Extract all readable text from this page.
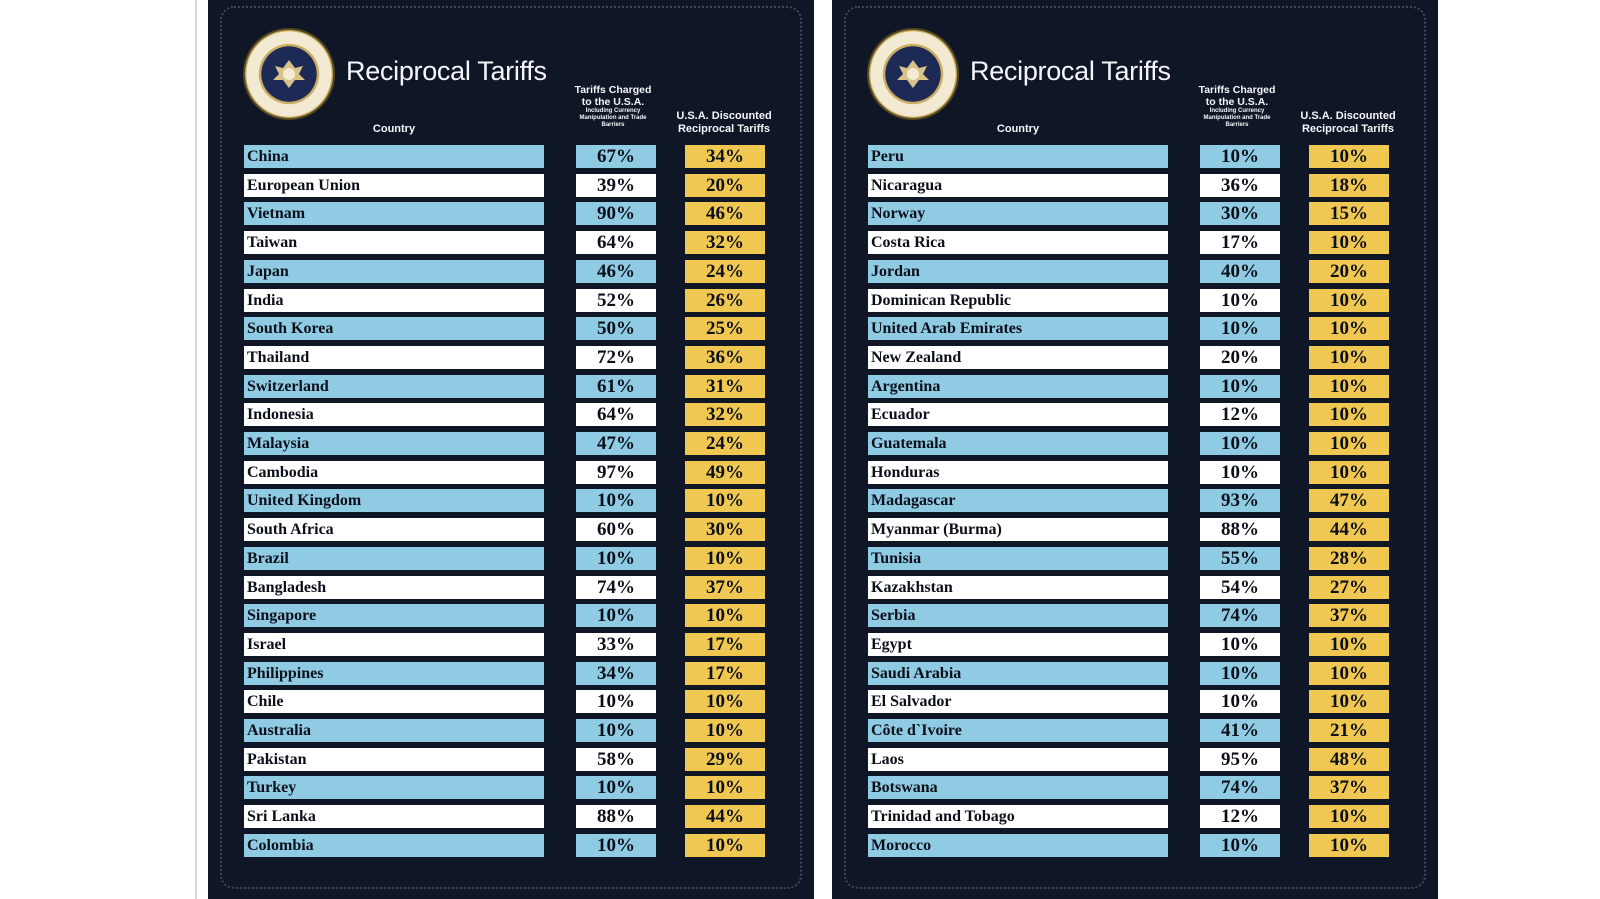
Reciprocal Tariffs
Country
Tariffs Charged to the U.S.A.
Including Currency Manipulation and Trade Barriers
U.S.A. Discounted Reciprocal Tariffs
China	67%	34%
European Union	39%	20%
Vietnam	90%	46%
Taiwan	64%	32%
Japan	46%	24%
India	52%	26%
South Korea	50%	25%
Thailand	72%	36%
Switzerland	61%	31%
Indonesia	64%	32%
Malaysia	47%	24%
Cambodia	97%	49%
United Kingdom	10%	10%
South Africa	60%	30%
Brazil	10%	10%
Bangladesh	74%	37%
Singapore	10%	10%
Israel	33%	17%
Philippines	34%	17%
Chile	10%	10%
Australia	10%	10%
Pakistan	58%	29%
Turkey	10%	10%
Sri Lanka	88%	44%
Colombia	10%	10%
Reciprocal Tariffs
Country
Tariffs Charged to the U.S.A.
Including Currency Manipulation and Trade Barriers
U.S.A. Discounted Reciprocal Tariffs
Peru	10%	10%
Nicaragua	36%	18%
Norway	30%	15%
Costa Rica	17%	10%
Jordan	40%	20%
Dominican Republic	10%	10%
United Arab Emirates	10%	10%
New Zealand	20%	10%
Argentina	10%	10%
Ecuador	12%	10%
Guatemala	10%	10%
Honduras	10%	10%
Madagascar	93%	47%
Myanmar (Burma)	88%	44%
Tunisia	55%	28%
Kazakhstan	54%	27%
Serbia	74%	37%
Egypt	10%	10%
Saudi Arabia	10%	10%
El Salvador	10%	10%
Côte d`Ivoire	41%	21%
Laos	95%	48%
Botswana	74%	37%
Trinidad and Tobago	12%	10%
Morocco	10%	10%
